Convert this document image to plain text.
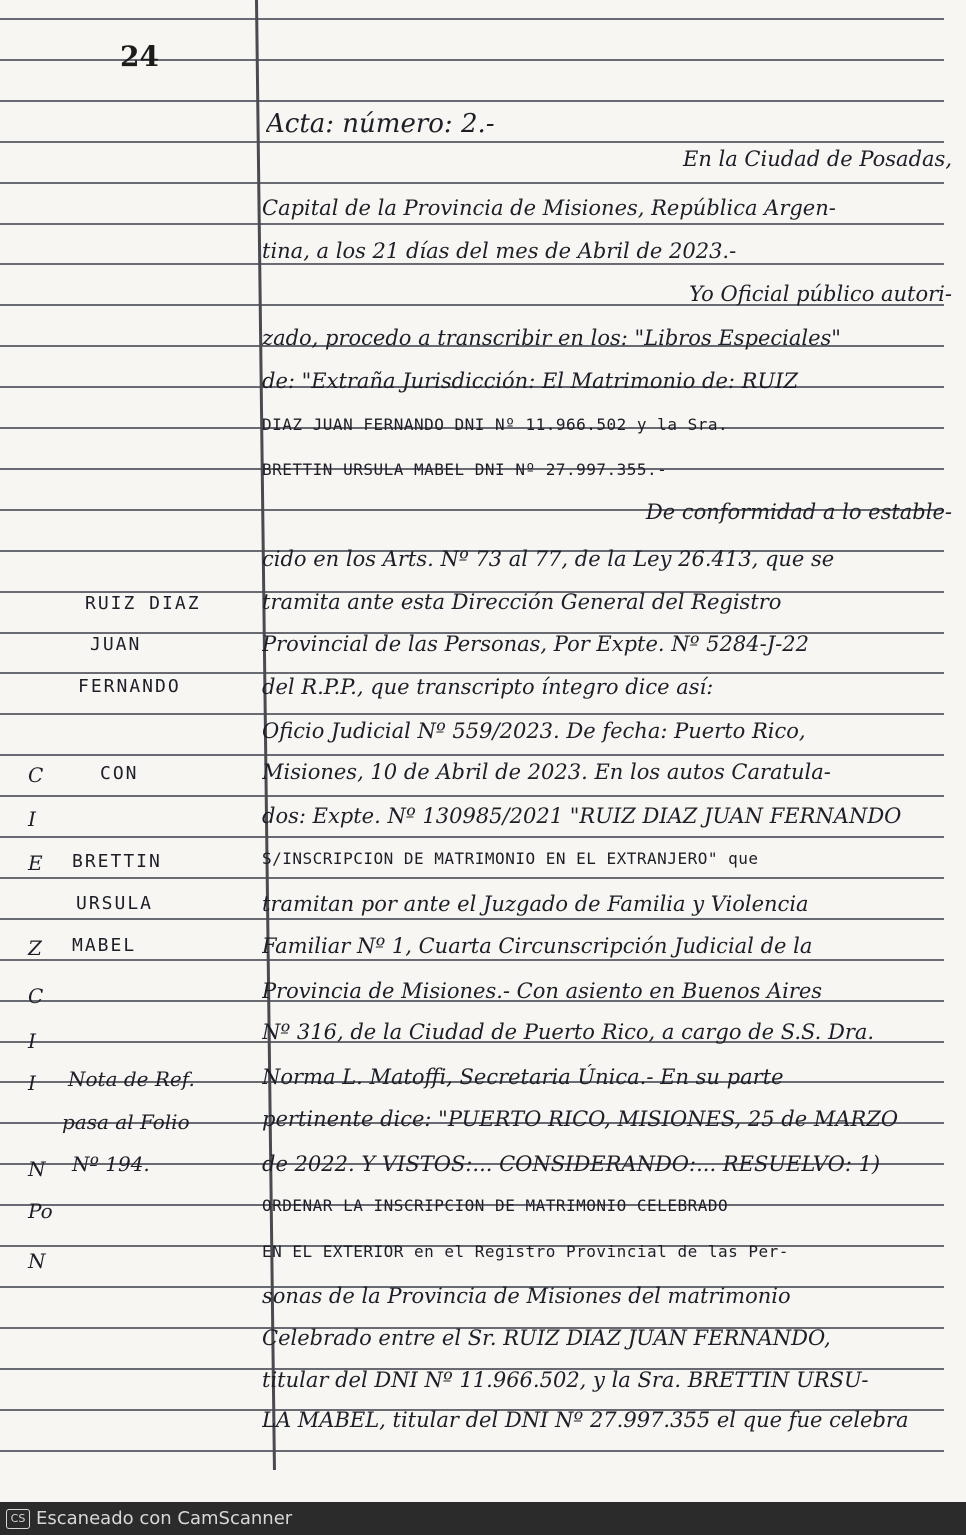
24
Acta: número: 2.-
En la Ciudad de Posadas,
Capital de la Provincia de Misiones, República Argen-
tina, a los 21 días del mes de Abril de 2023.-
Yo Oficial público autori-
zado, procedo a transcribir en los: "Libros Especiales"
de: "Extraña Jurisdicción: El Matrimonio de: RUIZ
DIAZ JUAN FERNANDO DNI Nº 11.966.502 y la Sra.
BRETTIN URSULA MABEL DNI Nº 27.997.355.-
De conformidad a lo estable-
cido en los Arts. Nº 73 al 77, de la Ley 26.413, que se
tramita ante esta Dirección General del Registro
Provincial de las Personas, Por Expte. Nº 5284-J-22
del R.P.P., que transcripto íntegro dice así:
Oficio Judicial Nº 559/2023. De fecha: Puerto Rico,
Misiones, 10 de Abril de 2023. En los autos Caratula-
dos: Expte. Nº 130985/2021 "RUIZ DIAZ JUAN FERNANDO
S/INSCRIPCION DE MATRIMONIO EN EL EXTRANJERO" que
tramitan por ante el Juzgado de Familia y Violencia
Familiar Nº 1, Cuarta Circunscripción Judicial de la
Provincia de Misiones.- Con asiento en Buenos Aires
Nº 316, de la Ciudad de Puerto Rico, a cargo de S.S. Dra.
Norma L. Matoffi, Secretaria Única.- En su parte
pertinente dice: "PUERTO RICO, MISIONES, 25 de MARZO
de 2022. Y VISTOS:... CONSIDERANDO:... RESUELVO: 1)
ORDENAR LA INSCRIPCION DE MATRIMONIO CELEBRADO
EN EL EXTERIOR en el Registro Provincial de las Per-
sonas de la Provincia de Misiones del matrimonio
Celebrado entre el Sr. RUIZ DIAZ JUAN FERNANDO,
titular del DNI Nº 11.966.502, y la Sra. BRETTIN URSU-
LA MABEL, titular del DNI Nº 27.997.355 el que fue celebra
RUIZ DIAZ
JUAN
FERNANDO
CON
BRETTIN
URSULA
MABEL
Nota de Ref.
pasa al Folio
Nº 194.
C
I
E
Z
C
I
I
N
Po
N
CS Escaneado con CamScanner
